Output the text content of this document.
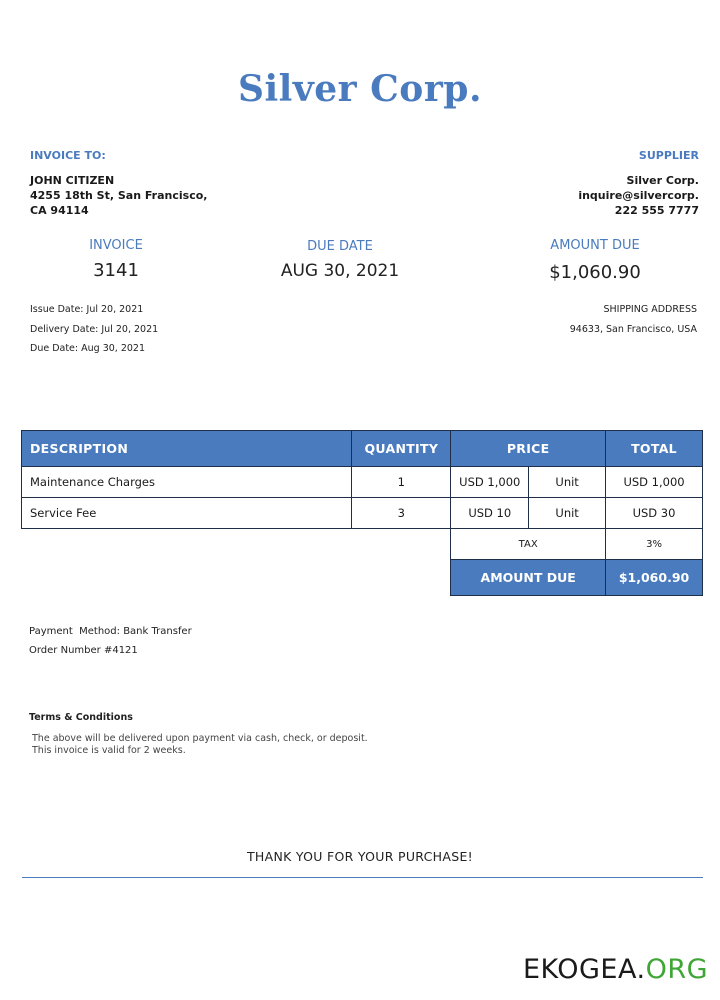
Silver Corp.
INVOICE TO:
JOHN CITIZEN
4255 18th St, San Francisco,
CA 94114
SUPPLIER
Silver Corp.
inquire@silvercorp.
222 555 7777
INVOICE
3141
DUE DATE
AUG 30, 2021
AMOUNT DUE
$1,060.90
Issue Date: Jul 20, 2021
Delivery Date: Jul 20, 2021
Due Date: Aug 30, 2021
SHIPPING ADDRESS
94633, San Francisco, USA
DESCRIPTION	QUANTITY	PRICE		TOTAL
Maintenance Charges	1	USD 1,000	Unit	USD 1,000
Service Fee	3	USD 10	Unit	USD 30
		TAX		3%
		AMOUNT DUE		$1,060.90
Payment  Method: Bank Transfer
Order Number #4121
Terms & Conditions
The above will be delivered upon payment via cash, check, or deposit.
This invoice is valid for 2 weeks.
THANK YOU FOR YOUR PURCHASE!
EKOGEA.ORG
